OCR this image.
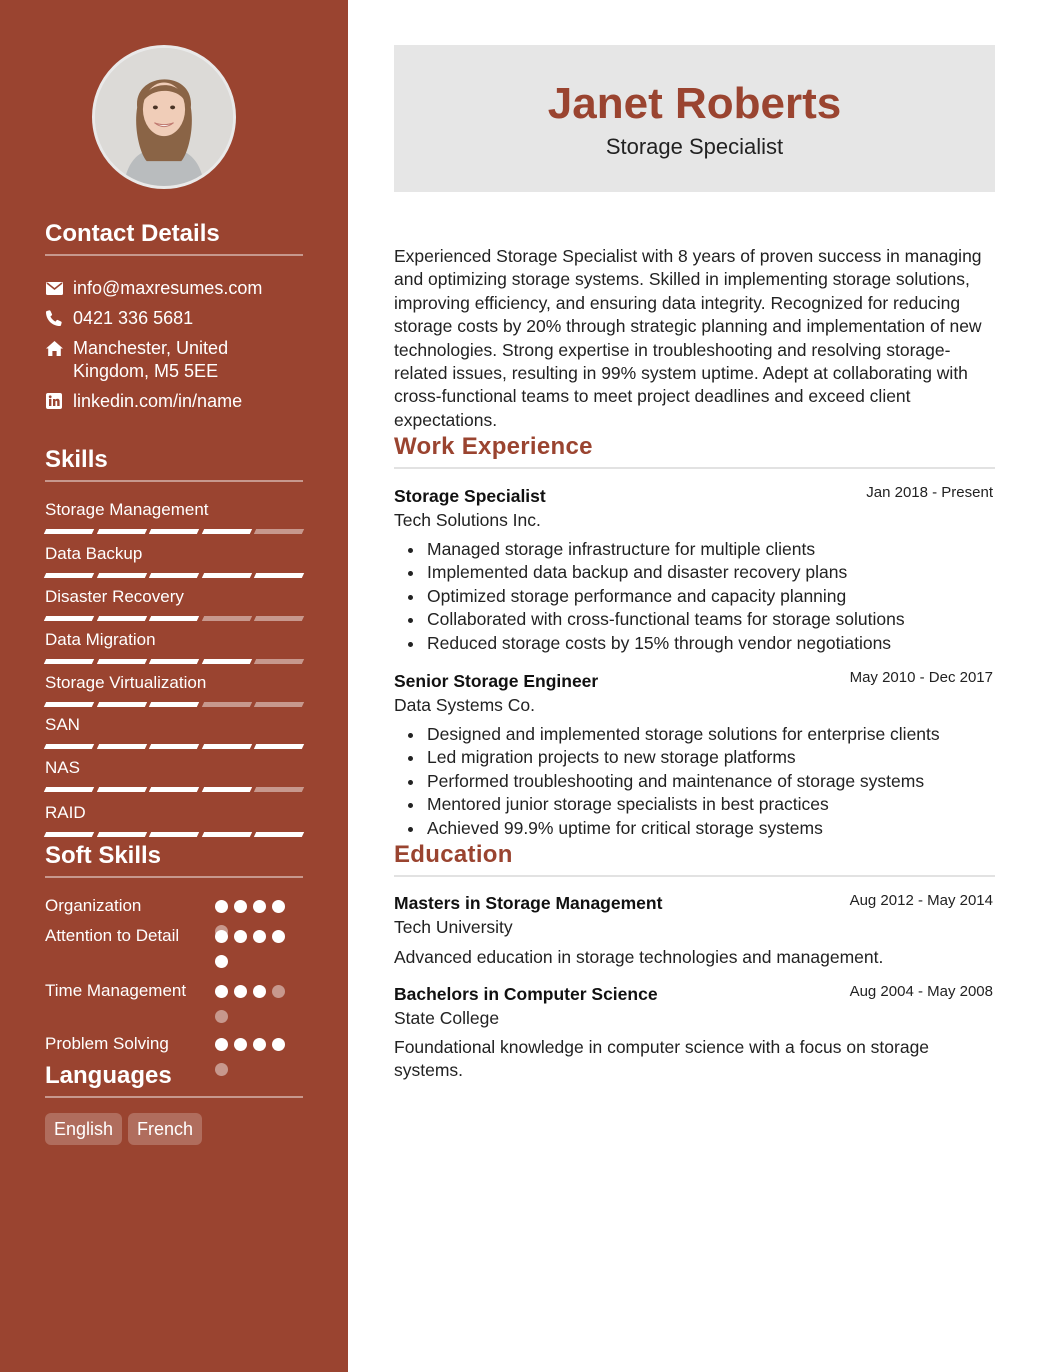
Contact Details
info@maxresumes.com
0421 336 5681
Manchester, United
Kingdom, M5 5EE
linkedin.com/in/name
Skills
Storage Management
Data Backup
Disaster Recovery
Data Migration
Storage Virtualization
SAN
NAS
RAID
Soft Skills
Organization
Attention to Detail
Time Management
Problem Solving
Languages
English	French
Janet Roberts
Storage Specialist

Experienced Storage Specialist with 8 years of proven success in managing and optimizing storage systems. Skilled in implementing storage solutions, improving efficiency, and ensuring data integrity. Recognized for reducing storage costs by 20% through strategic planning and implementation of new technologies. Strong expertise in troubleshooting and resolving storage-related issues, resulting in 99% system uptime. Adept at collaborating with cross-functional teams to meet project deadlines and exceed client expectations.

Work Experience
Storage Specialist	Jan 2018 - Present
Tech Solutions Inc.
Managed storage infrastructure for multiple clients
Implemented data backup and disaster recovery plans
Optimized storage performance and capacity planning
Collaborated with cross-functional teams for storage solutions
Reduced storage costs by 15% through vendor negotiations
Senior Storage Engineer	May 2010 - Dec 2017
Data Systems Co.
Designed and implemented storage solutions for enterprise clients
Led migration projects to new storage platforms
Performed troubleshooting and maintenance of storage systems
Mentored junior storage specialists in best practices
Achieved 99.9% uptime for critical storage systems
Education
Masters in Storage Management	Aug 2012 - May 2014
Tech University

Advanced education in storage technologies and management.

Bachelors in Computer Science	Aug 2004 - May 2008
State College

Foundational knowledge in computer science with a focus on storage systems.
